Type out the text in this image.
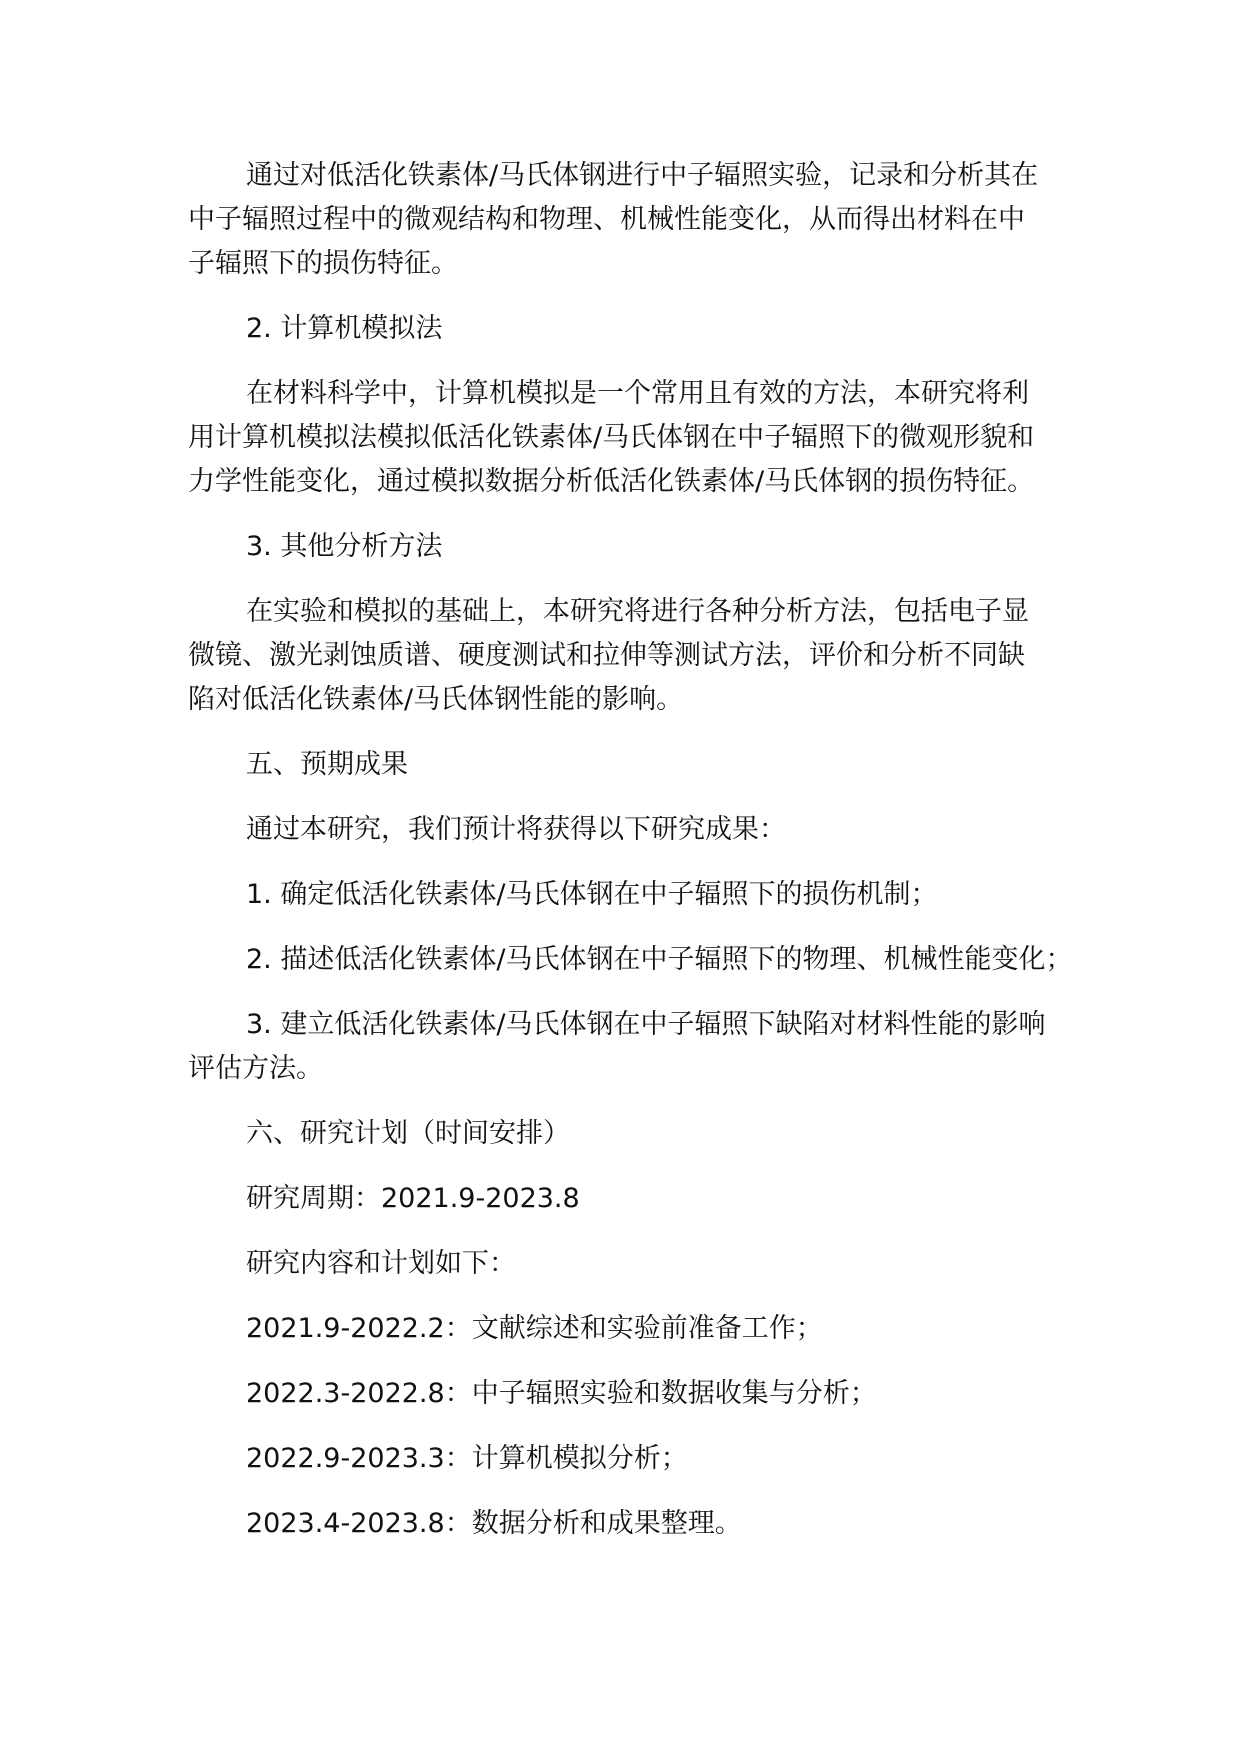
通过对低活化铁素体/马氏体钢进行中子辐照实验，记录和分析其在
中子辐照过程中的微观结构和物理、机械性能变化，从而得出材料在中
子辐照下的损伤特征。
2. 计算机模拟法
在材料科学中，计算机模拟是一个常用且有效的方法，本研究将利
用计算机模拟法模拟低活化铁素体/马氏体钢在中子辐照下的微观形貌和
力学性能变化，通过模拟数据分析低活化铁素体/马氏体钢的损伤特征。
3. 其他分析方法
在实验和模拟的基础上，本研究将进行各种分析方法，包括电子显
微镜、激光剥蚀质谱、硬度测试和拉伸等测试方法，评价和分析不同缺
陷对低活化铁素体/马氏体钢性能的影响。
五、预期成果
通过本研究，我们预计将获得以下研究成果：
1. 确定低活化铁素体/马氏体钢在中子辐照下的损伤机制；
2. 描述低活化铁素体/马氏体钢在中子辐照下的物理、机械性能变化；
3. 建立低活化铁素体/马氏体钢在中子辐照下缺陷对材料性能的影响
评估方法。
六、研究计划（时间安排）
研究周期：2021.9-2023.8
研究内容和计划如下：
2021.9-2022.2：文献综述和实验前准备工作；
2022.3-2022.8：中子辐照实验和数据收集与分析；
2022.9-2023.3：计算机模拟分析；
2023.4-2023.8：数据分析和成果整理。
